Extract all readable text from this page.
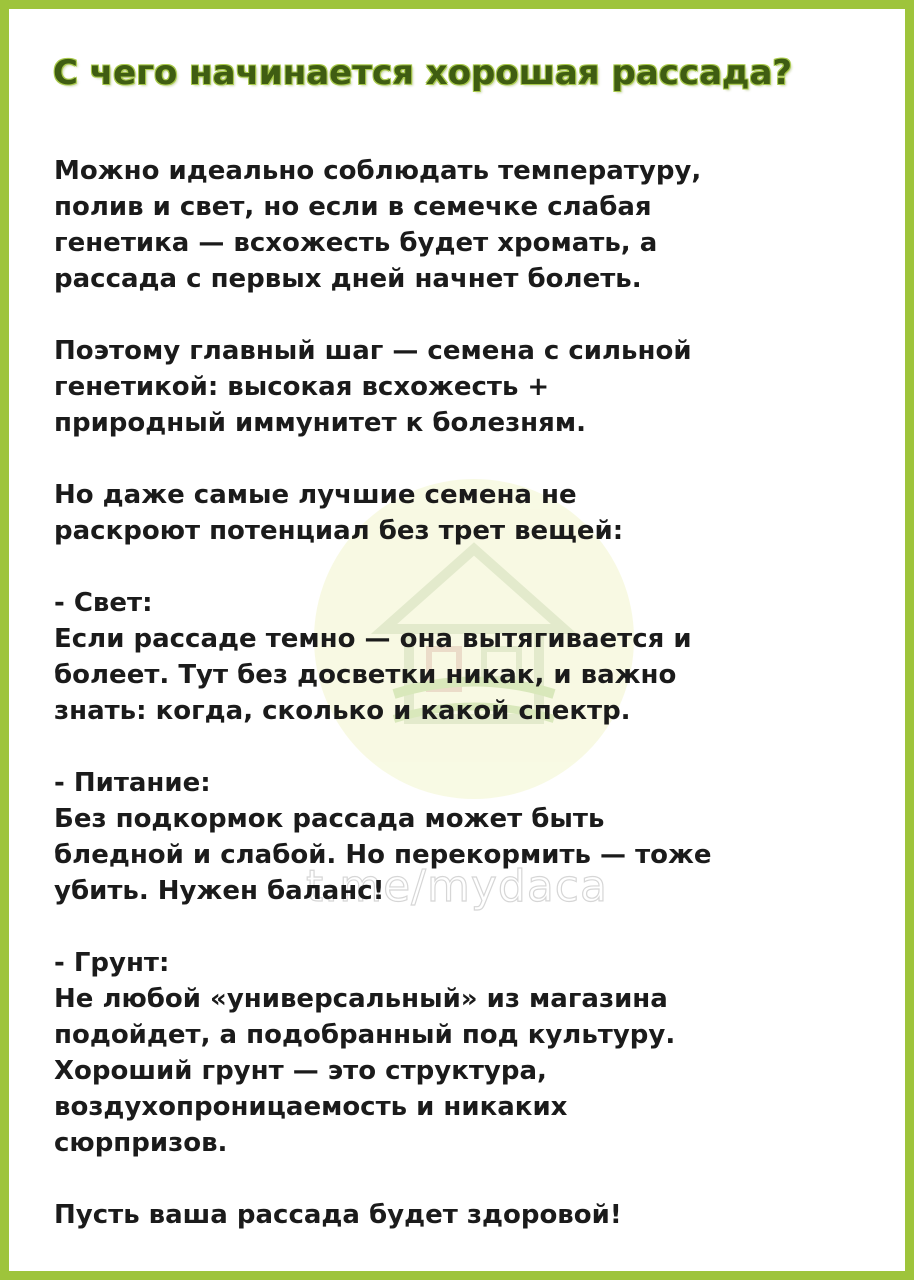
t.me/mydaca
С чего начинается хорошая рассада?
Можно идеально соблюдать температуру,
полив и свет, но если в семечке слабая
генетика — всхожесть будет хромать, а
рассада с первых дней начнет болеть.
Поэтому главный шаг — семена с сильной
генетикой: высокая всхожесть +
природный иммунитет к болезням.
Но даже самые лучшие семена не
раскроют потенциал без трет вещей:
- Свет:
Если рассаде темно — она вытягивается и
болеет. Тут без досветки никак, и важно
знать: когда, сколько и какой спектр.
- Питание:
Без подкормок рассада может быть
бледной и слабой. Но перекормить — тоже
убить. Нужен баланс!
- Грунт:
Не любой «универсальный» из магазина
подойдет, а подобранный под культуру.
Хороший грунт — это структура,
воздухопроницаемость и никаких
сюрпризов.
Пусть ваша рассада будет здоровой!
